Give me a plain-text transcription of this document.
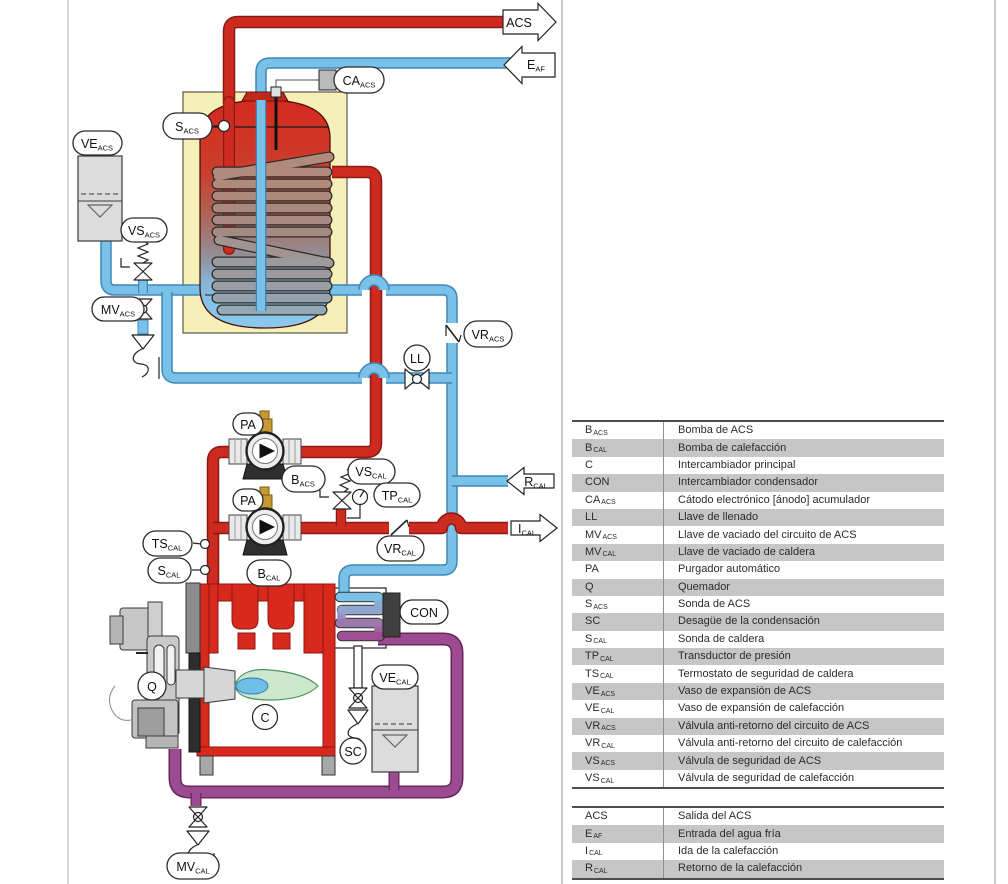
ACS
$E_{AF}$
$R_{CAL}$
$I_{CAL}$
$VE_{ACS}$
$VS_{ACS}$
$MV_{ACS}$
$S_{ACS}$
$CA_{ACS}$
PA
$B_{ACS}$
PA
$B_{CAL}$
$VS_{CAL}$
$TP_{CAL}$
$TS_{CAL}$
$S_{CAL}$
$VR_{ACS}$
$VR_{CAL}$
LL
Q
C
CON
SC
$VE_{CAL}$
$MV_{CAL}$
BACS	Bomba de ACS
BCAL	Bomba de calefacción
C	Intercambiador principal
CON	Intercambiador condensador
CAACS	Cátodo electrónico [ánodo] acumulador
LL	Llave de llenado
MVACS	Llave de vaciado del circuito de ACS
MVCAL	Llave de vaciado de caldera
PA	Purgador automático
Q	Quemador
SACS	Sonda de ACS
SC	Desagüe de la condensación
SCAL	Sonda de caldera
TPCAL	Transductor de presión
TSCAL	Termostato de seguridad de caldera
VEACS	Vaso de expansión de ACS
VECAL	Vaso de expansión de calefacción
VRACS	Válvula anti-retorno del circuito de ACS
VRCAL	Válvula anti-retorno del circuito de calefacción
VSACS	Válvula de seguridad de ACS
VSCAL	Válvula de seguridad de calefacción
ACS	Salida del ACS
EAF	Entrada del agua fría
ICAL	Ida de la calefacción
RCAL	Retorno de la calefacción
